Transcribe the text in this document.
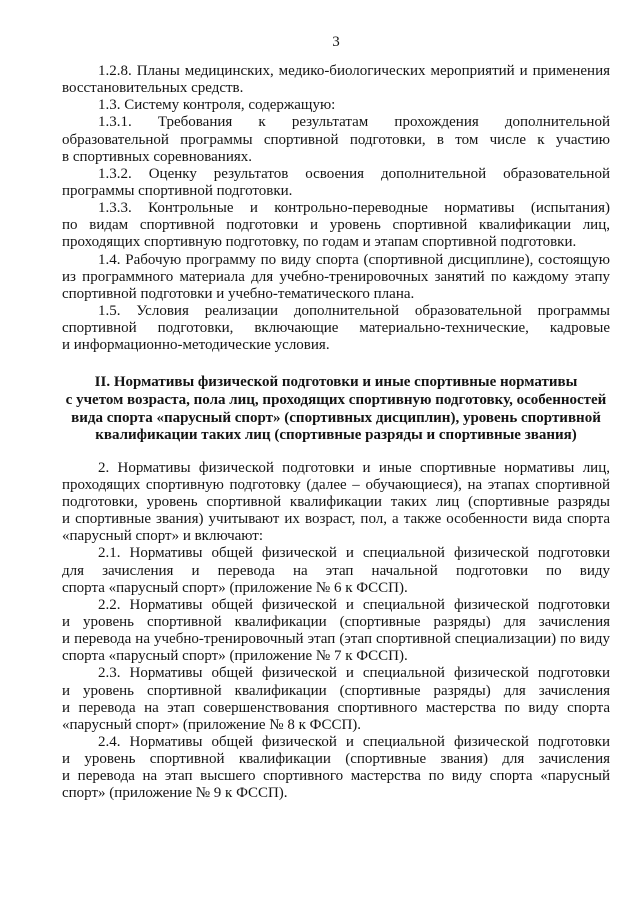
3
1.2.8. Планы медицинских, медико-биологических мероприятий и применения
восстановительных средств.
1.3. Систему контроля, содержащую:
1.3.1. Требования к результатам прохождения дополнительной
образовательной программы спортивной подготовки, в том числе к участию
в спортивных соревнованиях.
1.3.2. Оценку результатов освоения дополнительной образовательной
программы спортивной подготовки.
1.3.3. Контрольные и контрольно-переводные нормативы (испытания)
по видам спортивной подготовки и уровень спортивной квалификации лиц,
проходящих спортивную подготовку, по годам и этапам спортивной подготовки.
1.4. Рабочую программу по виду спорта (спортивной дисциплине), состоящую
из программного материала для учебно-тренировочных занятий по каждому этапу
спортивной подготовки и учебно-тематического плана.
1.5. Условия реализации дополнительной образовательной программы
спортивной подготовки, включающие материально-технические, кадровые
и информационно-методические условия.
II. Нормативы физической подготовки и иные спортивные нормативы
с учетом возраста, пола лиц, проходящих спортивную подготовку, особенностей
вида спорта «парусный спорт» (спортивных дисциплин), уровень спортивной
квалификации таких лиц (спортивные разряды и спортивные звания)
2. Нормативы физической подготовки и иные спортивные нормативы лиц,
проходящих спортивную подготовку (далее – обучающиеся), на этапах спортивной
подготовки, уровень спортивной квалификации таких лиц (спортивные разряды
и спортивные звания) учитывают их возраст, пол, а также особенности вида спорта
«парусный спорт» и включают:
2.1. Нормативы общей физической и специальной физической подготовки
для зачисления и перевода на этап начальной подготовки по виду
спорта «парусный спорт» (приложение № 6 к ФССП).
2.2. Нормативы общей физической и специальной физической подготовки
и уровень спортивной квалификации (спортивные разряды) для зачисления
и перевода на учебно-тренировочный этап (этап спортивной специализации) по виду
спорта «парусный спорт» (приложение № 7 к ФССП).
2.3. Нормативы общей физической и специальной физической подготовки
и уровень спортивной квалификации (спортивные разряды) для зачисления
и перевода на этап совершенствования спортивного мастерства по виду спорта
«парусный спорт» (приложение № 8 к ФССП).
2.4. Нормативы общей физической и специальной физической подготовки
и уровень спортивной квалификации (спортивные звания) для зачисления
и перевода на этап высшего спортивного мастерства по виду спорта «парусный
спорт» (приложение № 9 к ФССП).
